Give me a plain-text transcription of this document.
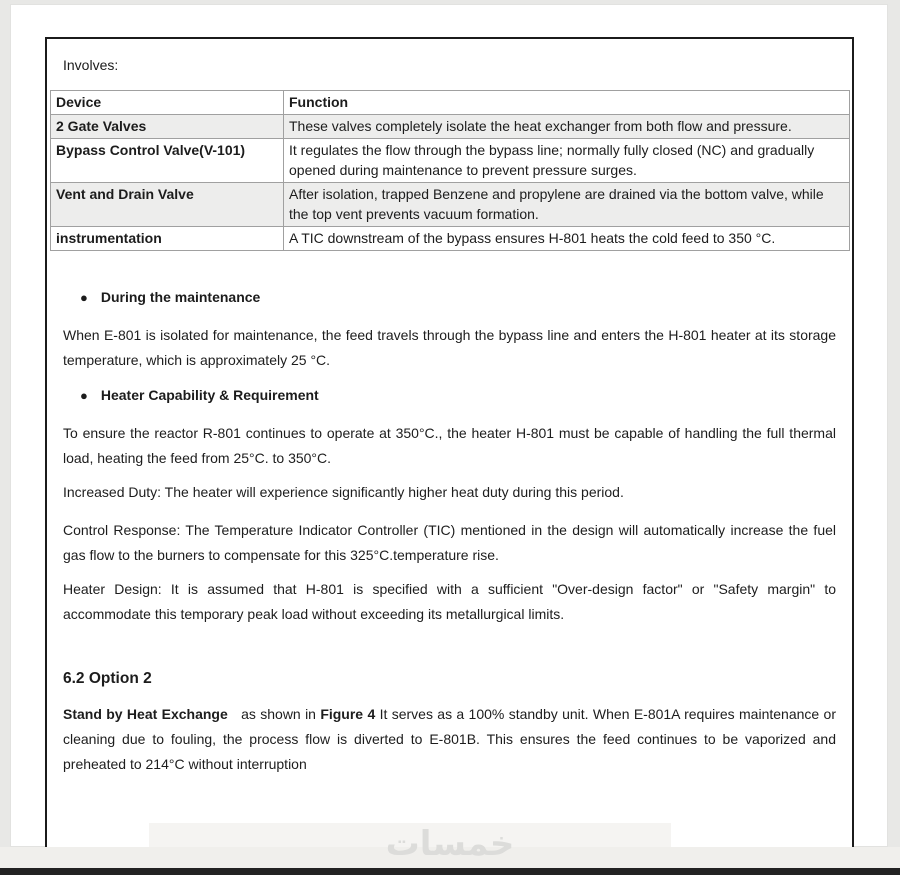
Involves:
Device	Function
2 Gate Valves	These valves completely isolate the heat exchanger from both flow and pressure.
Bypass Control Valve(V-101)	It regulates the flow through the bypass line; normally fully closed (NC) and gradually opened during maintenance to prevent pressure surges.
Vent and Drain Valve	After isolation, trapped Benzene and propylene are drained via the bottom valve, while the top vent prevents vacuum formation.
instrumentation	A TIC downstream of the bypass ensures H-801 heats the cold feed to 350 °C.
● During the maintenance

When E-801 is isolated for maintenance, the feed travels through the bypass line and enters the H-801 heater at its storage temperature, which is approximately 25 °C.

● Heater Capability & Requirement

To ensure the reactor R-801 continues to operate at 350°C., the heater H-801 must be capable of handling the full thermal load, heating the feed from 25°C. to 350°C.

Increased Duty: The heater will experience significantly higher heat duty during this period.

Control Response: The Temperature Indicator Controller (TIC) mentioned in the design will automatically increase the fuel gas flow to the burners to compensate for this 325°C.temperature rise.

Heater Design: It is assumed that H-801 is specified with a sufficient "Over-design factor" or "Safety margin" to accommodate this temporary peak load without exceeding its metallurgical limits.

6.2 Option 2

Stand by Heat Exchange as shown in Figure 4 It serves as a 100% standby unit. When E-801A requires maintenance or cleaning due to fouling, the process flow is diverted to E-801B. This ensures the feed continues to be vaporized and preheated to 214°C without interruption

خمسات
